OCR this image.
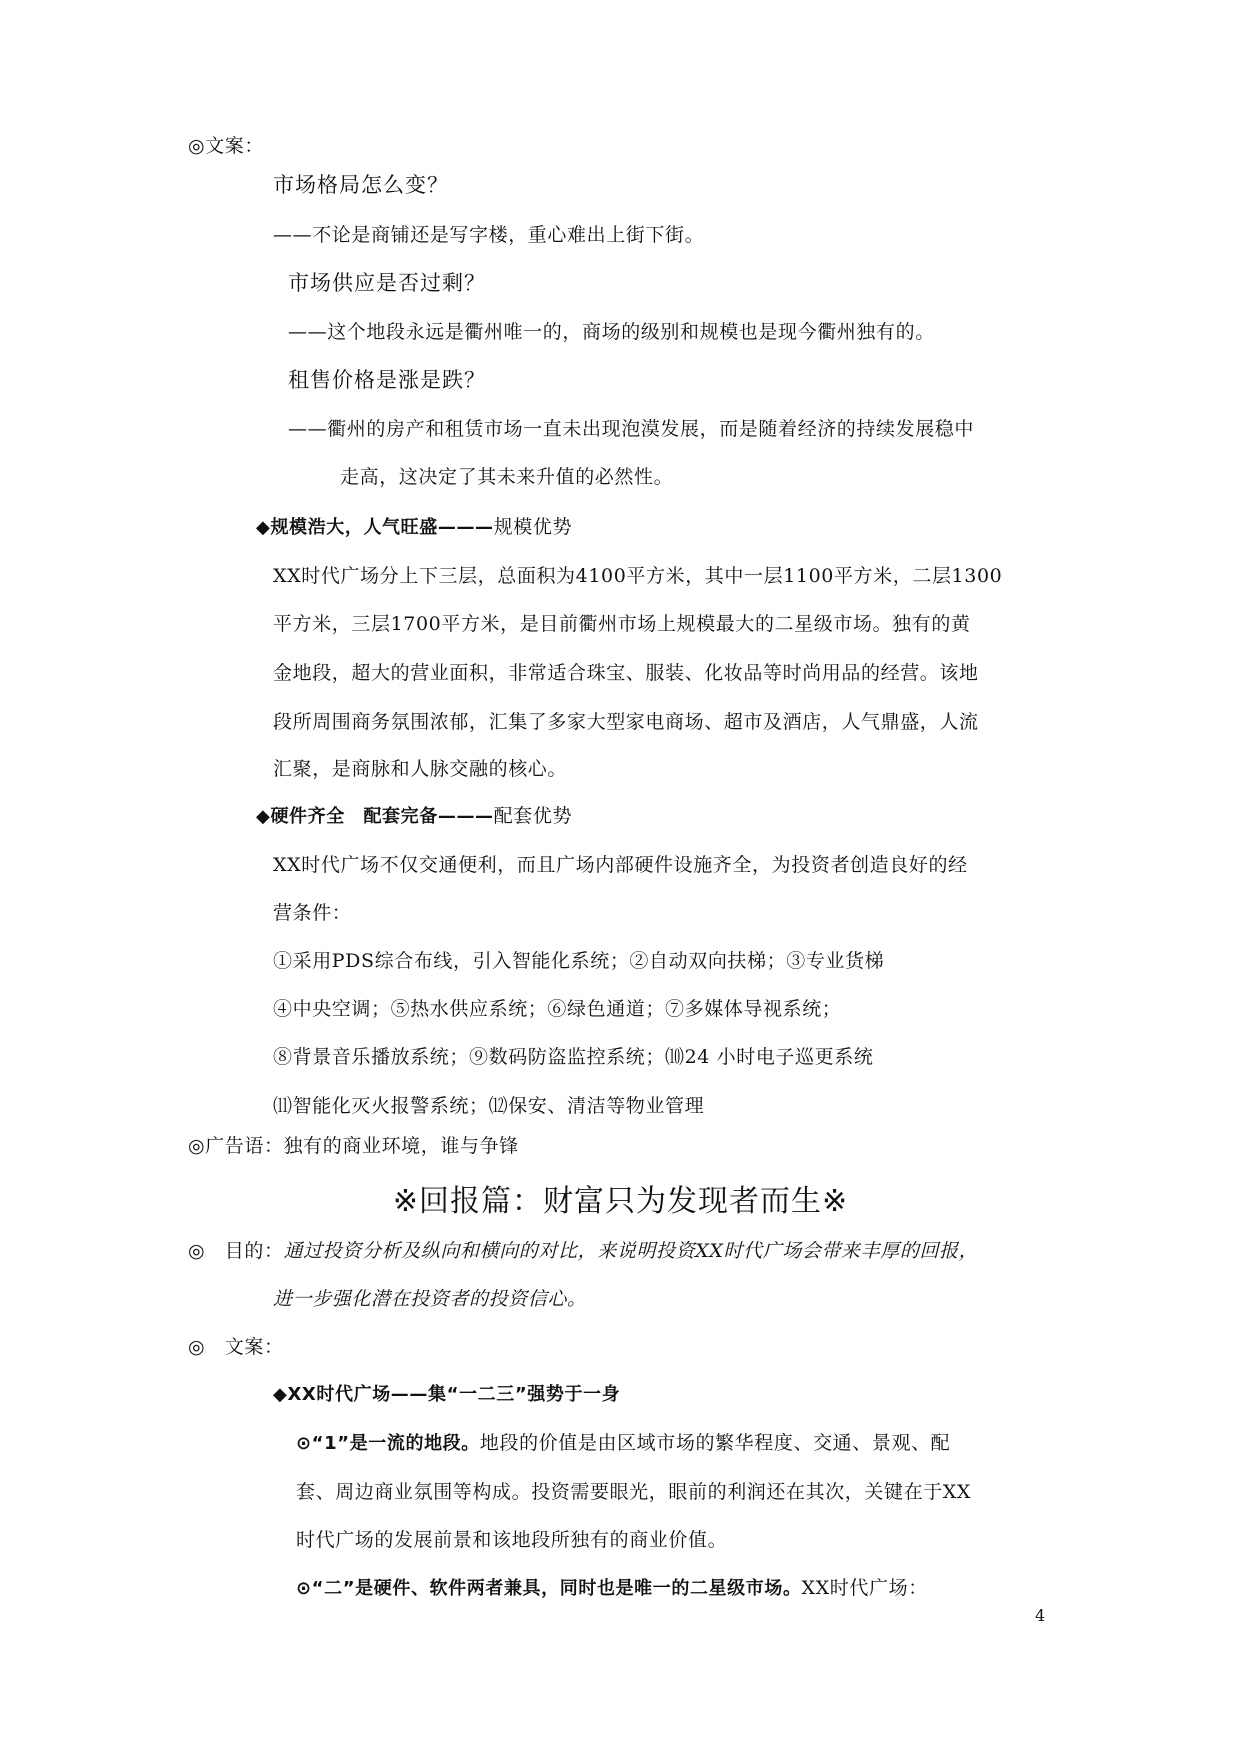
◎文案：
市场格局怎么变？
——不论是商铺还是写字楼，重心难出上街下街。
市场供应是否过剩？
——这个地段永远是衢州唯一的，商场的级别和规模也是现今衢州独有的。
租售价格是涨是跌？
——衢州的房产和租赁市场一直未出现泡漠发展，而是随着经济的持续发展稳中
走高，这决定了其未来升值的必然性。
◆规模浩大，人气旺盛———规模优势
XX时代广场分上下三层，总面积为4100平方米，其中一层1100平方米，二层1300
平方米，三层1700平方米，是目前衢州市场上规模最大的二星级市场。独有的黄
金地段，超大的营业面积，非常适合珠宝、服装、化妆品等时尚用品的经营。该地
段所周围商务氛围浓郁，汇集了多家大型家电商场、超市及酒店，人气鼎盛，人流
汇聚，是商脉和人脉交融的核心。
◆硬件齐全　配套完备———配套优势
XX时代广场不仅交通便利，而且广场内部硬件设施齐全，为投资者创造良好的经
营条件：
①采用PDS综合布线，引入智能化系统；②自动双向扶梯；③专业货梯
④中央空调；⑤热水供应系统；⑥绿色通道；⑦多媒体导视系统；
⑧背景音乐播放系统；⑨数码防盗监控系统；⑽24 小时电子巡更系统
⑾智能化灭火报警系统；⑿保安、清洁等物业管理
◎广告语：独有的商业环境，谁与争锋
※回报篇：财富只为发现者而生※
◎　目的：通过投资分析及纵向和横向的对比，来说明投资XX时代广场会带来丰厚的回报，
进一步强化潜在投资者的投资信心。
◎　文案：
◆XX时代广场——集“一二三”强势于一身
⊙“1”是一流的地段。地段的价值是由区域市场的繁华程度、交通、景观、配
套、周边商业氛围等构成。投资需要眼光，眼前的利润还在其次，关键在于XX
时代广场的发展前景和该地段所独有的商业价值。
⊙“二”是硬件、软件两者兼具，同时也是唯一的二星级市场。XX时代广场：
4
